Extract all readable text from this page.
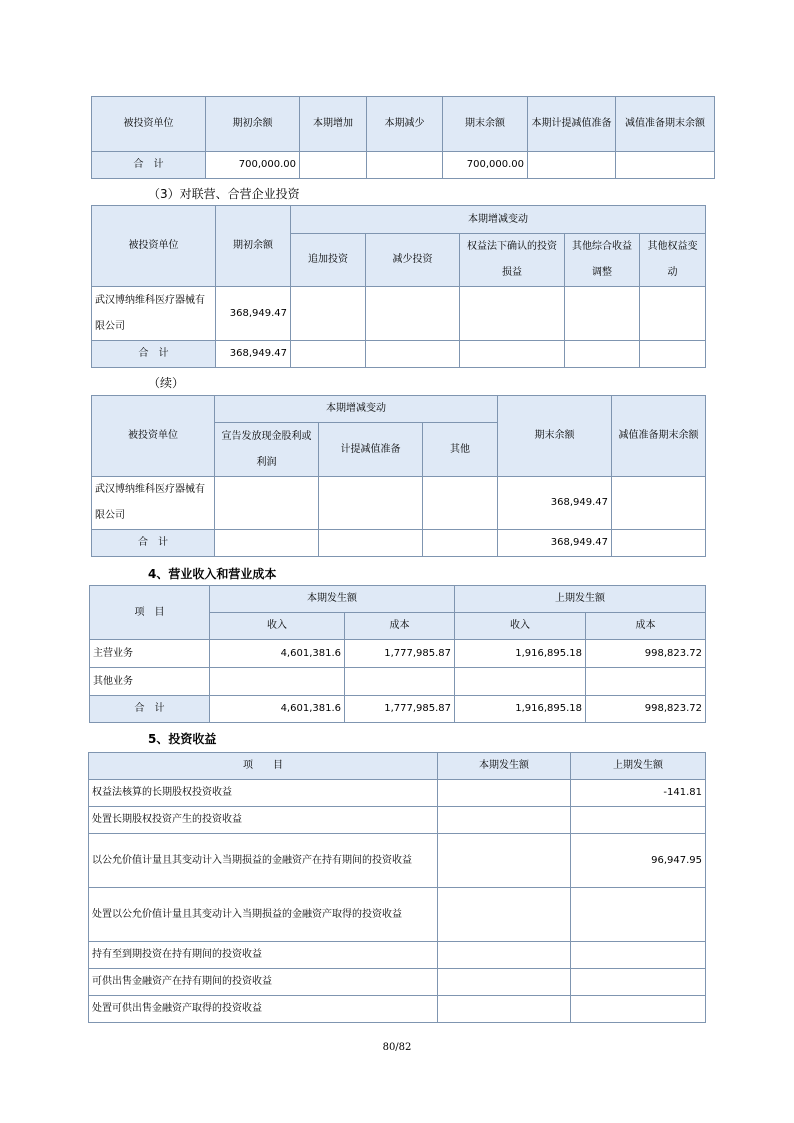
被投资单位	期初余额	本期增加	本期减少	期末余额	本期计提减值准备	减值准备期末余额
合　计	700,000.00			700,000.00		
（3）对联营、合营企业投资
被投资单位	期初余额	本期增减变动				
		追加投资	减少投资	权益法下确认的投资损益	其他综合收益调整	其他权益变动
武汉博纳维科医疗器械有限公司	368,949.47					
合　计	368,949.47					
（续）
被投资单位	本期增减变动			期末余额	减值准备期末余额
	宣告发放现金股利或利润	计提减值准备	其他		
武汉博纳维科医疗器械有限公司				368,949.47	
合　计				368,949.47	
4、营业收入和营业成本
项　目	本期发生额		上期发生额	
	收入	成本	收入	成本
主营业务	4,601,381.6	1,777,985.87	1,916,895.18	998,823.72
其他业务				
合　计	4,601,381.6	1,777,985.87	1,916,895.18	998,823.72
5、投资收益
项　　目	本期发生额	上期发生额
权益法核算的长期股权投资收益		-141.81
处置长期股权投资产生的投资收益		
以公允价值计量且其变动计入当期损益的金融资产在持有期间的投资收益		96,947.95
处置以公允价值计量且其变动计入当期损益的金融资产取得的投资收益		
持有至到期投资在持有期间的投资收益		
可供出售金融资产在持有期间的投资收益		
处置可供出售金融资产取得的投资收益		
80/82
